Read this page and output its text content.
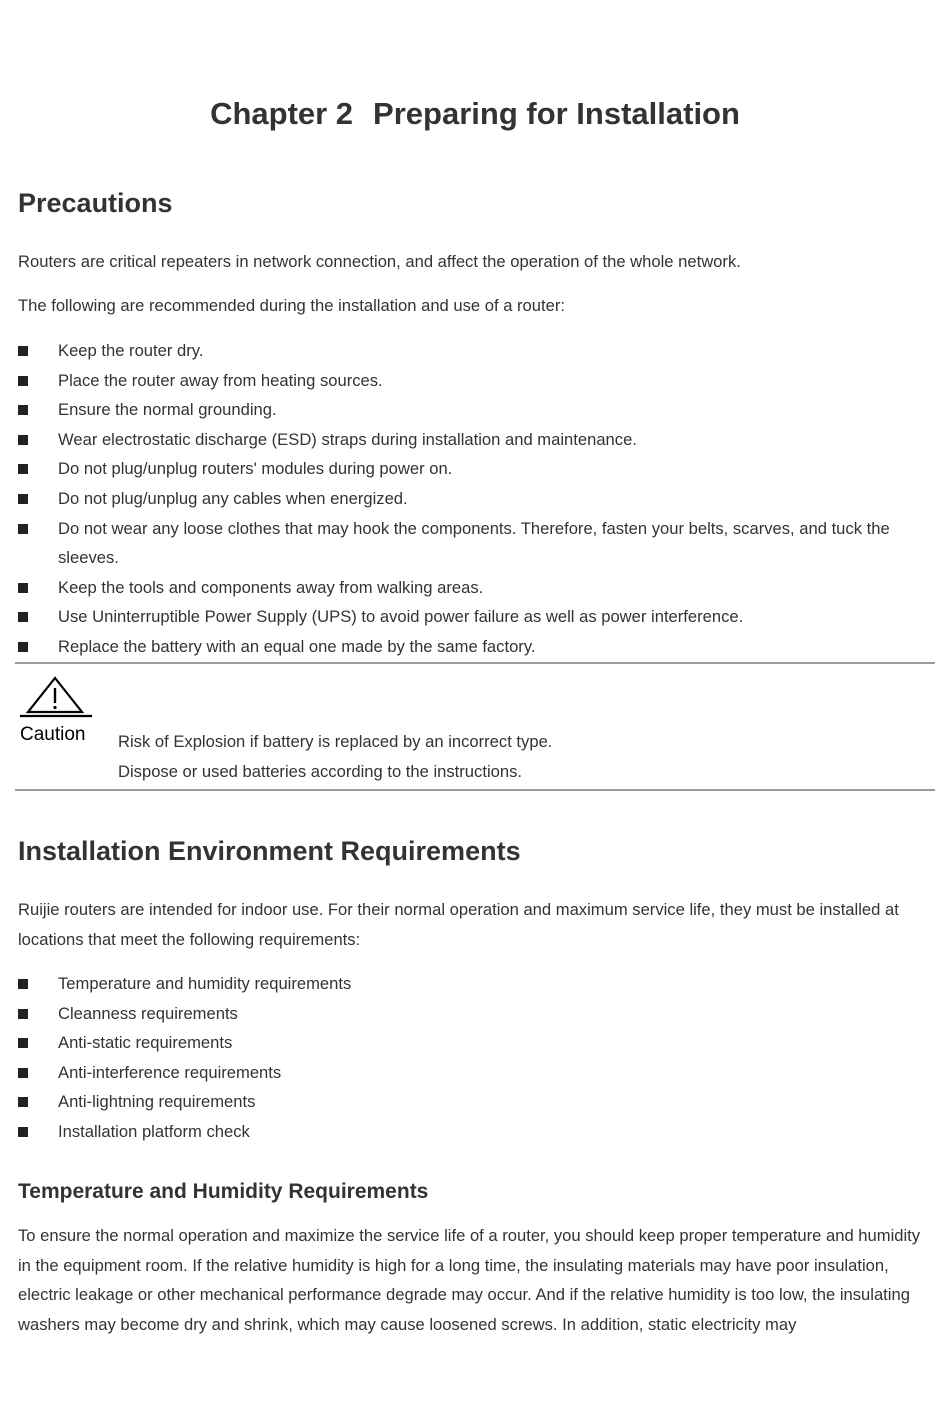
Chapter 2 Preparing for Installation
Precautions

Routers are critical repeaters in network connection, and affect the operation of the whole network.

The following are recommended during the installation and use of a router:

Keep the router dry.
Place the router away from heating sources.
Ensure the normal grounding.
Wear electrostatic discharge (ESD) straps during installation and maintenance.
Do not plug/unplug routers' modules during power on.
Do not plug/unplug any cables when energized.
Do not wear any loose clothes that may hook the components. Therefore, fasten your belts, scarves, and tuck the sleeves.
Keep the tools and components away from walking areas.
Use Uninterruptible Power Supply (UPS) to avoid power failure as well as power interference.
Replace the battery with an equal one made by the same factory.
Caution Risk of Explosion if battery is replaced by an incorrect type.
Dispose or used batteries according to the instructions.
Installation Environment Requirements

Ruijie routers are intended for indoor use. For their normal operation and maximum service life, they must be installed at locations that meet the following requirements:

Temperature and humidity requirements
Cleanness requirements
Anti-static requirements
Anti-interference requirements
Anti-lightning requirements
Installation platform check
Temperature and Humidity Requirements

To ensure the normal operation and maximize the service life of a router, you should keep proper temperature and humidity in the equipment room. If the relative humidity is high for a long time, the insulating materials may have poor insulation, electric leakage or other mechanical performance degrade may occur. And if the relative humidity is too low, the insulating washers may become dry and shrink, which may cause loosened screws. In addition, static electricity may
